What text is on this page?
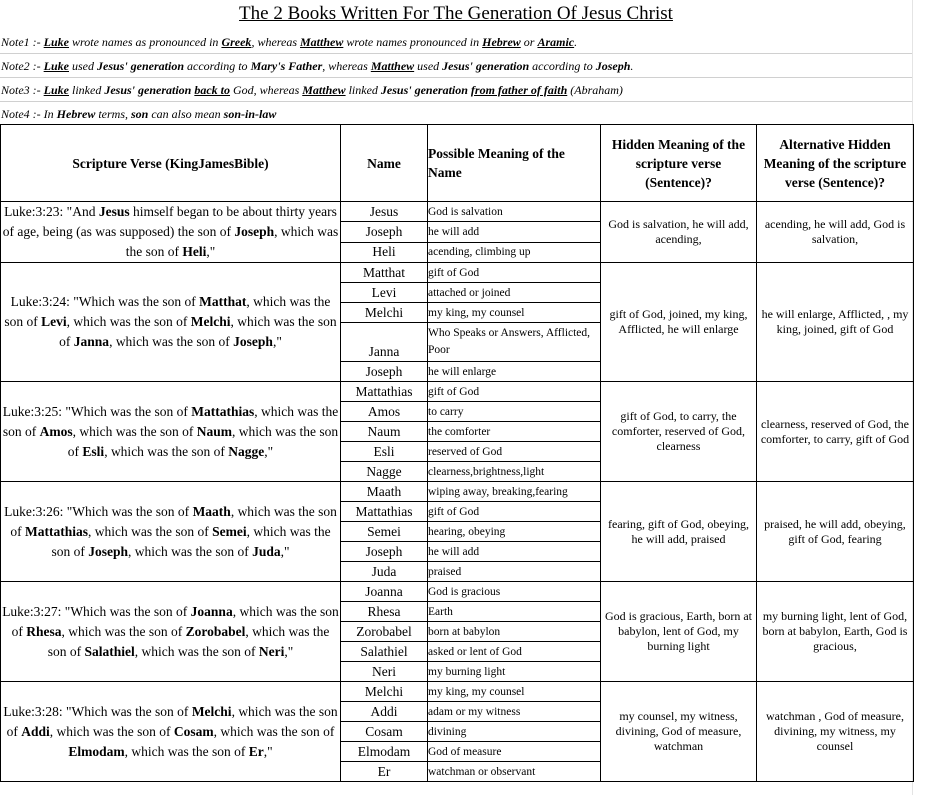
The 2 Books Written For The Generation Of Jesus Christ
Note1 :- Luke wrote names as pronounced in Greek, whereas Matthew wrote names pronounced in Hebrew or Aramic.
Note2 :- Luke used Jesus' generation according to Mary's Father, whereas Matthew used Jesus' generation according to Joseph.
Note3 :- Luke linked Jesus' generation back to God, whereas Matthew linked Jesus' generation from father of faith (Abraham)
Note4 :- In Hebrew terms, son can also mean son-in-law
Scripture Verse (KingJamesBible)	Name	Possible Meaning of the Name	Hidden Meaning of the scripture verse (Sentence)?	Alternative Hidden Meaning of the scripture verse (Sentence)?
Luke:3:23: "And Jesus himself began to be about thirty years of age, being (as was supposed) the son of Joseph, which was the son of Heli,"	Jesus	God is salvation	God is salvation, he will add, acending,	acending, he will add, God is salvation,
	Joseph	he will add		
	Heli	acending, climbing up		
Luke:3:24: "Which was the son of Matthat, which was the son of Levi, which was the son of Melchi, which was the son of Janna, which was the son of Joseph,"	Matthat	gift of God	gift of God, joined, my king, Afflicted, he will enlarge	he will enlarge, Afflicted, , my king, joined, gift of God
	Levi	attached or joined		
	Melchi	my king, my counsel		
	Janna	Who Speaks or Answers, Afflicted, Poor		
	Joseph	he will enlarge		
Luke:3:25: "Which was the son of Mattathias, which was the son of Amos, which was the son of Naum, which was the son of Esli, which was the son of Nagge,"	Mattathias	gift of God	gift of God, to carry, the comforter, reserved of God, clearness	clearness, reserved of God, the comforter, to carry, gift of God
	Amos	to carry		
	Naum	the comforter		
	Esli	reserved of God		
	Nagge	clearness,brightness,light		
Luke:3:26: "Which was the son of Maath, which was the son of Mattathias, which was the son of Semei, which was the son of Joseph, which was the son of Juda,"	Maath	wiping away, breaking,fearing	fearing, gift of God, obeying, he will add, praised	praised, he will add, obeying, gift of God, fearing
	Mattathias	gift of God		
	Semei	hearing, obeying		
	Joseph	he will add		
	Juda	praised		
Luke:3:27: "Which was the son of Joanna, which was the son of Rhesa, which was the son of Zorobabel, which was the son of Salathiel, which was the son of Neri,"	Joanna	God is gracious	God is gracious, Earth, born at babylon, lent of God, my burning light	my burning light, lent of God, born at babylon, Earth, God is gracious,
	Rhesa	Earth		
	Zorobabel	born at babylon		
	Salathiel	asked or lent of God		
	Neri	my burning light		
Luke:3:28: "Which was the son of Melchi, which was the son of Addi, which was the son of Cosam, which was the son of Elmodam, which was the son of Er,"	Melchi	my king, my counsel	my counsel, my witness, divining, God of measure, watchman	watchman , God of measure, divining, my witness, my counsel
	Addi	adam or my witness		
	Cosam	divining		
	Elmodam	God of measure		
	Er	watchman or observant		
